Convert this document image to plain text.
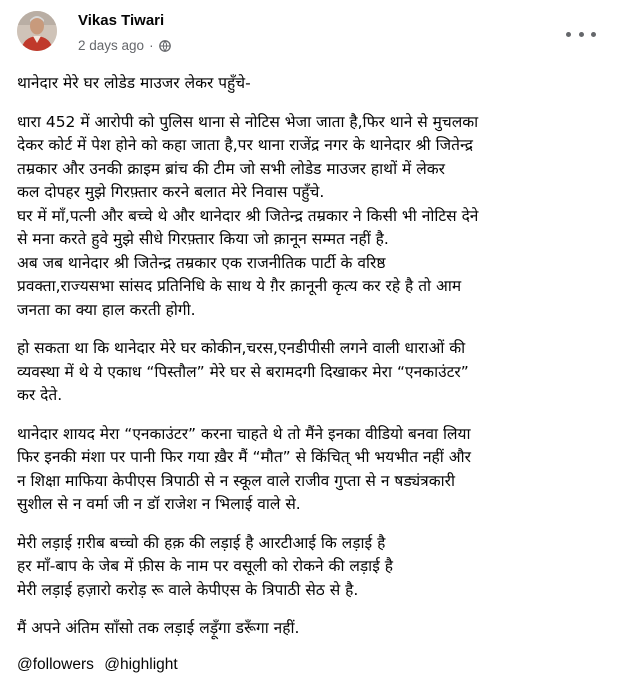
Vikas Tiwari
2 days ago ·
थानेदार मेरे घर लोडेड माउजर लेकर पहुँचे-
धारा 452 में आरोपी को पुलिस थाना से नोटिस भेजा जाता है,फिर थाने से मुचलका
देकर कोर्ट में पेश होने को कहा जाता है,पर थाना राजेंद्र नगर के थानेदार श्री जितेन्द्र
तम्रकार और उनकी क्राइम ब्रांच की टीम जो सभी लोडेड माउजर हाथों में लेकर
कल दोपहर मुझे गिरफ़्तार करने बलात मेरे निवास पहुँचे.
घर में माँ,पत्नी और बच्चे थे और थानेदार श्री जितेन्द्र तम्रकार ने किसी भी नोटिस देने
से मना करते हुवे मुझे सीधे गिरफ़्तार किया जो क़ानून सम्मत नहीं है.
अब जब थानेदार श्री जितेन्द्र तम्रकार एक राजनीतिक पार्टी के वरिष्ठ
प्रवक्ता,राज्यसभा सांसद प्रतिनिधि के साथ ये ग़ैर क़ानूनी कृत्य कर रहे है तो आम
जनता का क्या हाल करती होगी.
हो सकता था कि थानेदार मेरे घर कोकीन,चरस,एनडीपीसी लगने वाली धाराओं की
व्यवस्था में थे ये एकाध “पिस्तौल” मेरे घर से बरामदगी दिखाकर मेरा “एनकाउंटर”
कर देते.
थानेदार शायद मेरा “एनकाउंटर” करना चाहते थे तो मैंने इनका वीडियो बनवा लिया
फिर इनकी मंशा पर पानी फिर गया ख़ैर मैं “मौत” से किंचित् भी भयभीत नहीं और
न शिक्षा माफिया केपीएस त्रिपाठी से न स्कूल वाले राजीव गुप्ता से न षड्यंत्रकारी
सुशील से न वर्मा जी न डॉ राजेश न भिलाई वाले से.
मेरी लड़ाई ग़रीब बच्चो की हक़ की लड़ाई है आरटीआई कि लड़ाई है
हर माँ-बाप के जेब में फ़ीस के नाम पर वसूली को रोकने की लड़ाई है
मेरी लड़ाई हज़ारो करोड़ रू वाले केपीएस के त्रिपाठी सेठ से है.
मैं अपने अंतिम साँसो तक लड़ाई लड़ूँगा डरूँगा नहीं.
@followers @highlight
